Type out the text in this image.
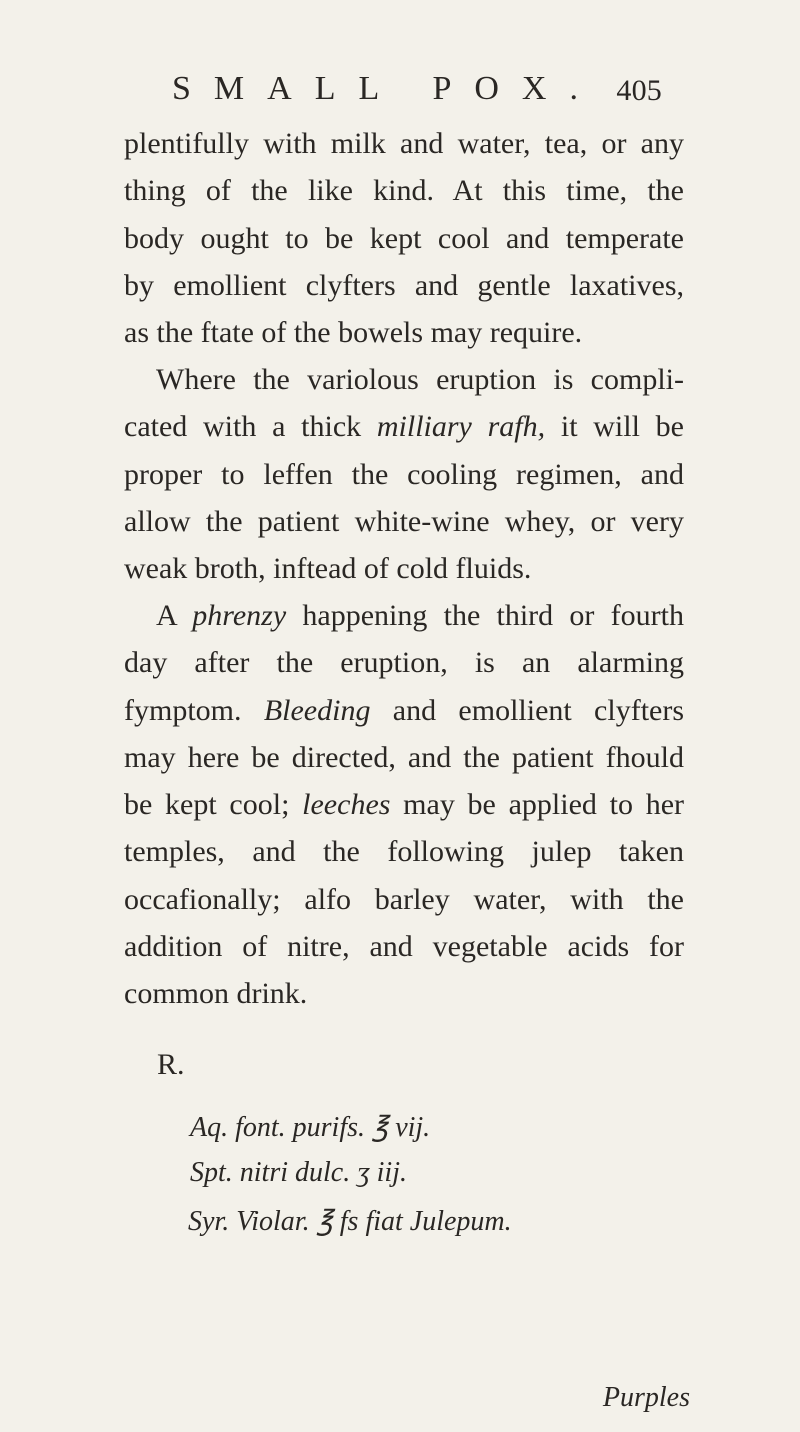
SMALL POX. 405
plentifully with milk and water, tea, or any
thing of the like kind. At this time, the
body ought to be kept cool and temperate
by emollient clyfters and gentle laxatives,
as the ftate of the bowels may require.
Where the variolous eruption is compli-
cated with a thick milliary rafh, it will be
proper to leffen the cooling regimen, and
allow the patient white-wine whey, or very
weak broth, inftead of cold fluids.
A phrenzy happening the third or fourth
day after the eruption, is an alarming
fymptom. Bleeding and emollient clyfters
may here be directed, and the patient fhould
be kept cool; leeches may be applied to her
temples, and the following julep taken
occafionally; alfo barley water, with the
addition of nitre, and vegetable acids for
common drink.
R.
Aq. font. purifs. ℥ vij.
Spt. nitri dulc. ʒ iij.
Syr. Violar. ℥ fs fiat Julepum.
Purples
